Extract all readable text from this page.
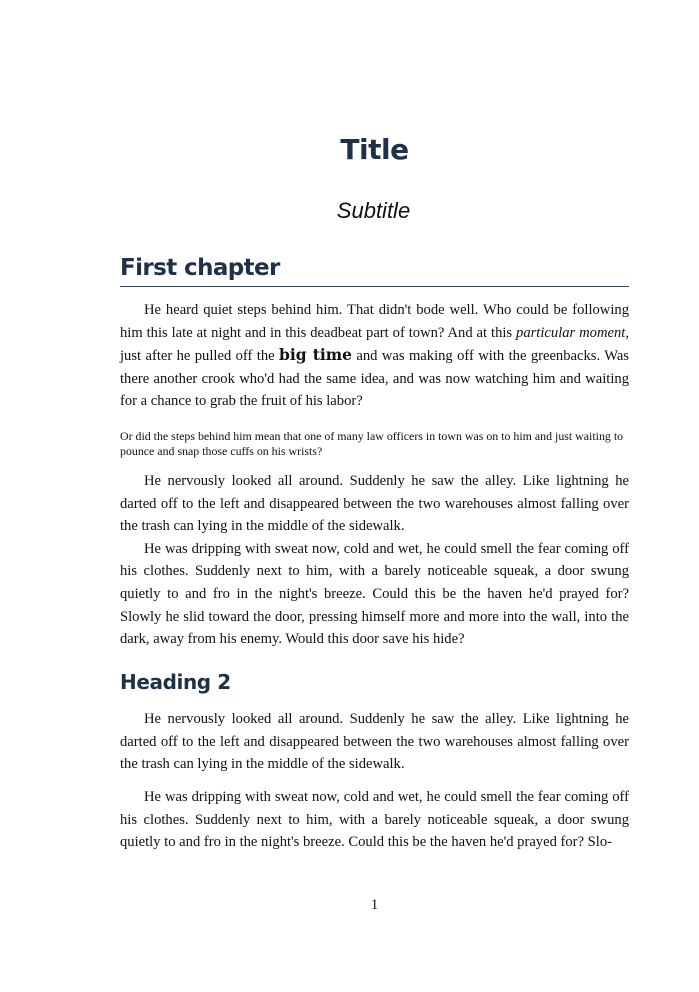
Title
Subtitle
First chapter

He heard quiet steps behind him. That didn't bode well. Who could be following him this late at night and in this deadbeat part of town? And at this particular moment, just after he pulled off the big time and was making off with the greenbacks. Was there another crook who'd had the same idea, and was now watching him and waiting for a chance to grab the fruit of his labor?

Or did the steps behind him mean that one of many law officers in town was on to him and just waiting to pounce and snap those cuffs on his wrists?

He nervously looked all around. Suddenly he saw the alley. Like lightning he darted off to the left and disappeared between the two warehouses almost falling over the trash can lying in the middle of the sidewalk.

He was dripping with sweat now, cold and wet, he could smell the fear coming off his clothes. Suddenly next to him, with a barely noticeable squeak, a door swung quietly to and fro in the night's breeze. Could this be the haven he'd prayed for? Slowly he slid toward the door, pressing himself more and more into the wall, into the dark, away from his enemy. Would this door save his hide?

Heading 2

He nervously looked all around. Suddenly he saw the alley. Like lightning he darted off to the left and disappeared between the two warehouses almost falling over the trash can lying in the middle of the sidewalk.

He was dripping with sweat now, cold and wet, he could smell the fear coming off his clothes. Suddenly next to him, with a barely noticeable squeak, a door swung quietly to and fro in the night's breeze. Could this be the haven he'd prayed for? Slo-

1
